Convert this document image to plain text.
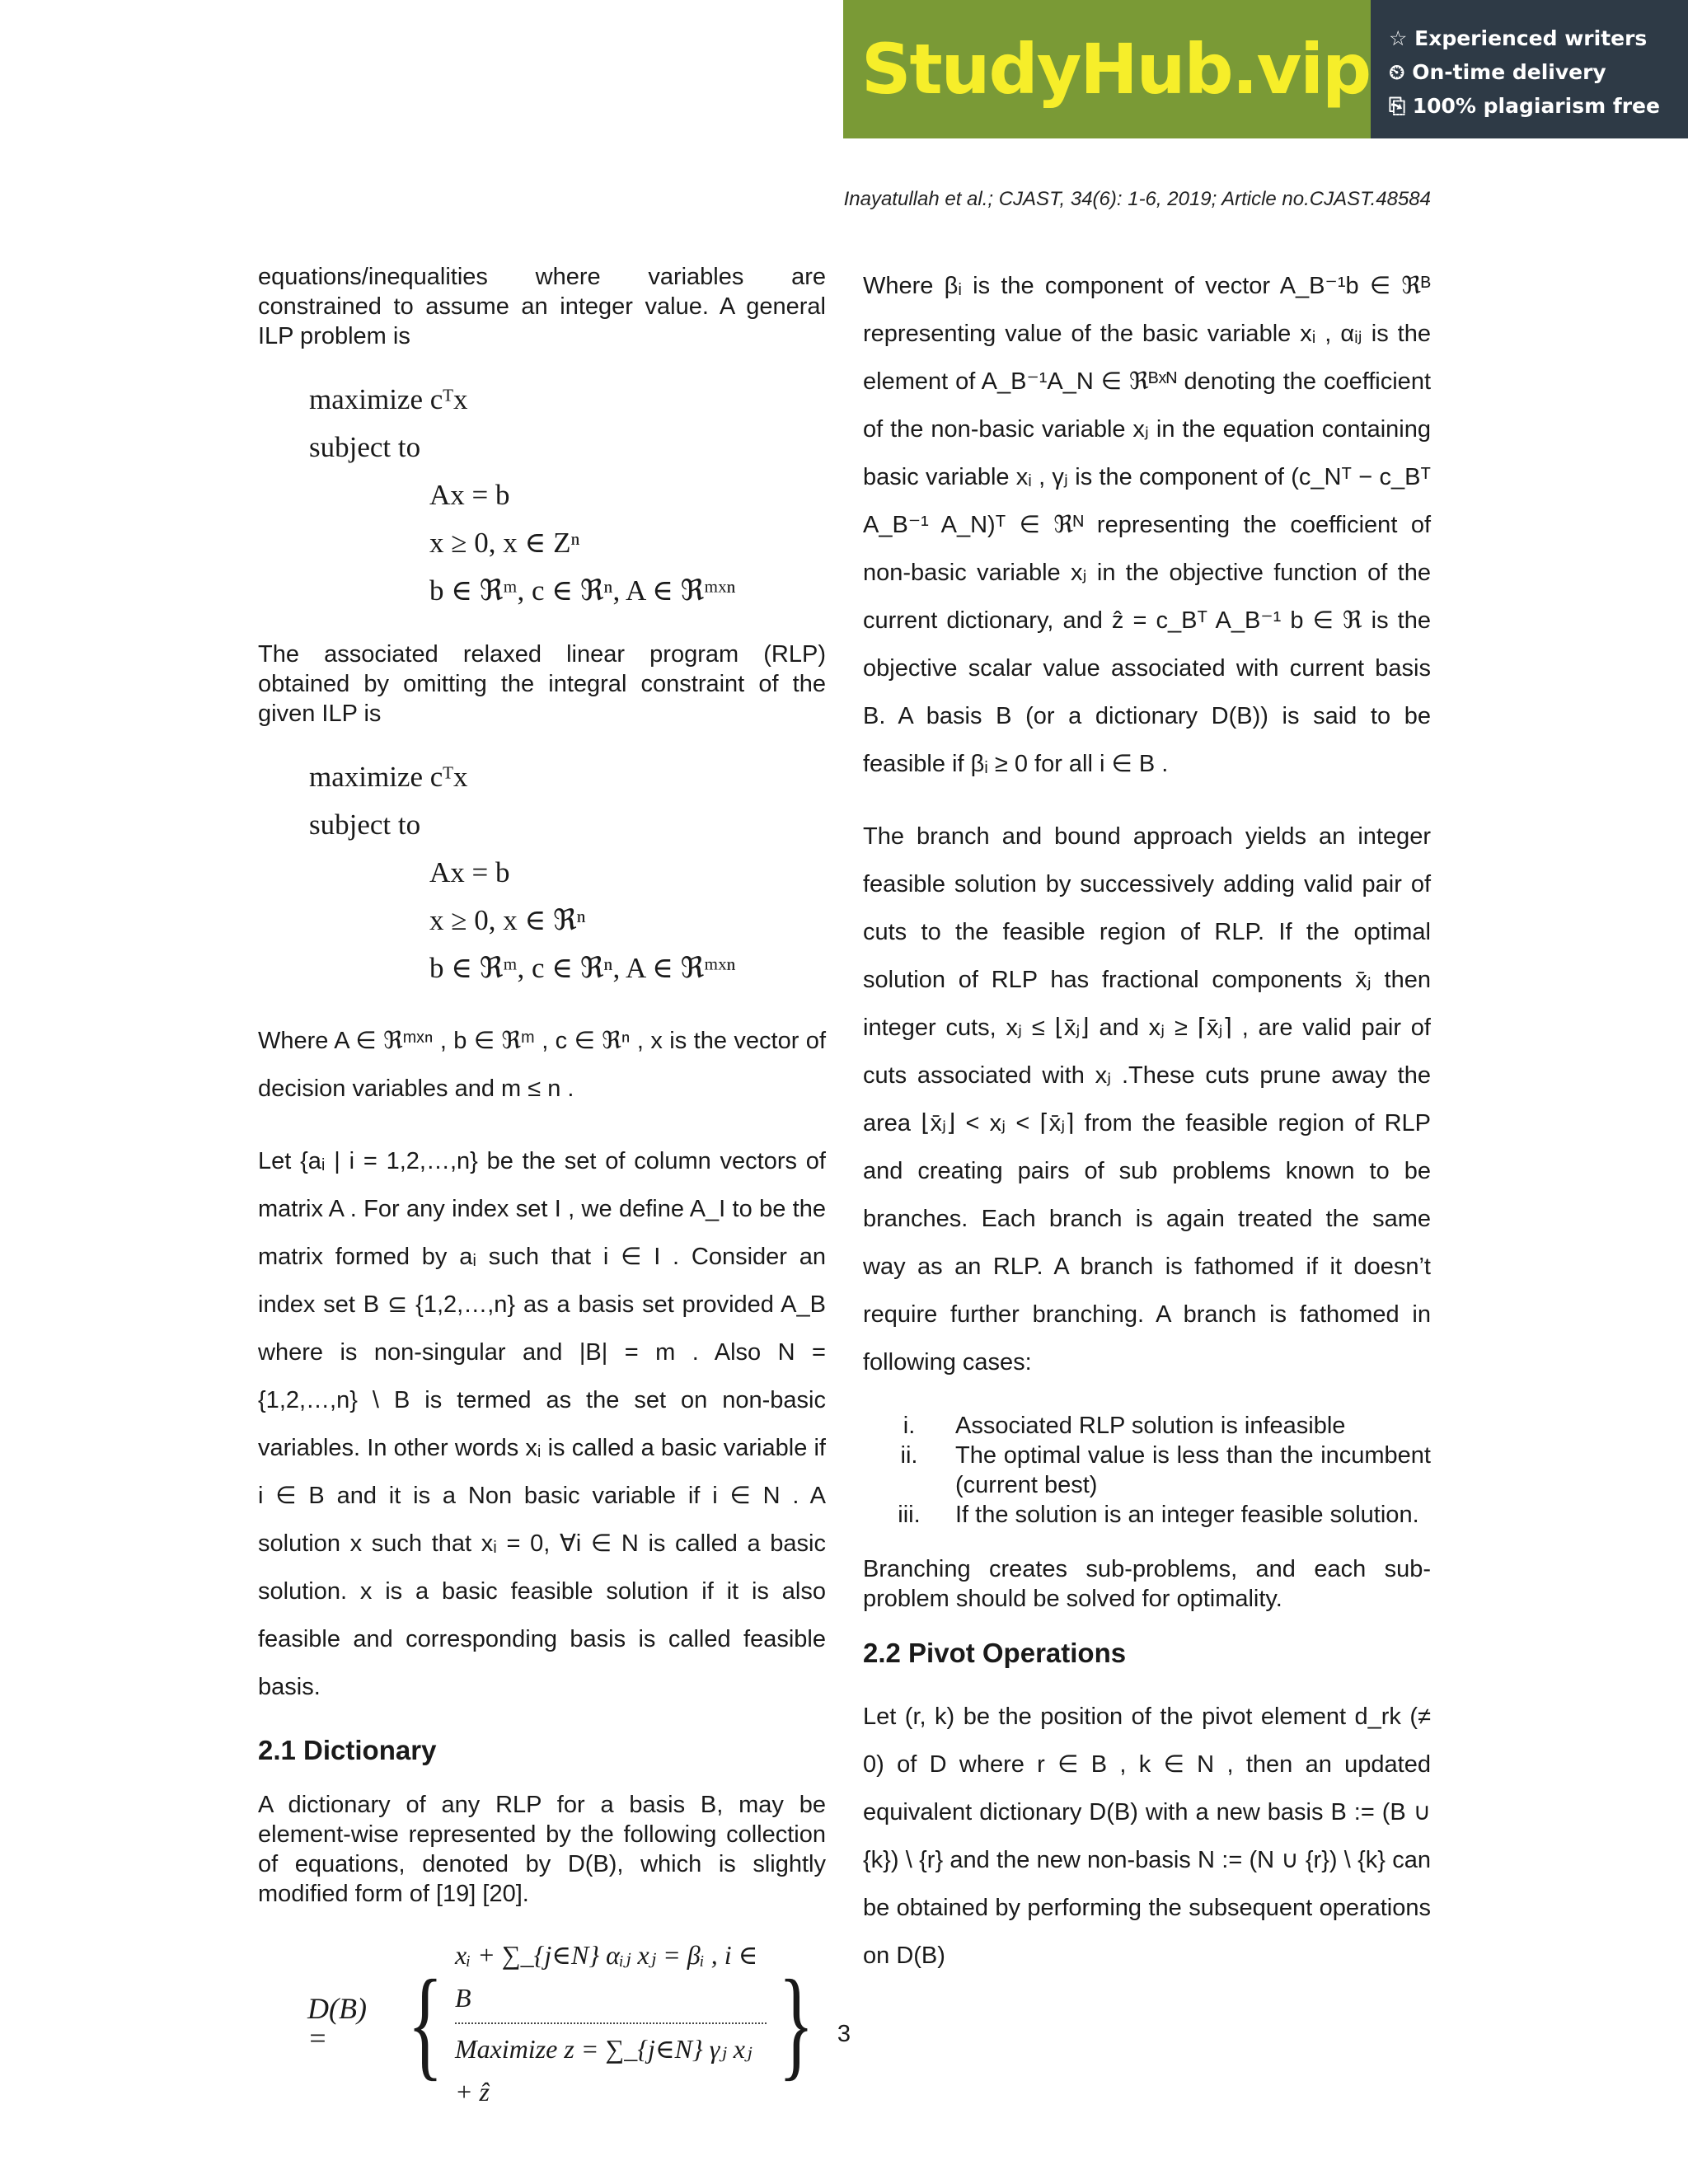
StudyHub.vip ☆ Experienced writers
⏲ On-time delivery
⎘ 100% plagiarism free
Inayatullah et al.; CJAST, 34(6): 1-6, 2019; Article no.CJAST.48584

equations/inequalities where variables are constrained to assume an integer value. A general ILP problem is

maximize cᵀx
subject to
Ax = b
x ≥ 0, x ∈ Zⁿ
b ∈ ℜᵐ, c ∈ ℜⁿ, A ∈ ℜᵐˣⁿ

The associated relaxed linear program (RLP) obtained by omitting the integral constraint of the given ILP is

maximize cᵀx
subject to
Ax = b
x ≥ 0, x ∈ ℜⁿ
b ∈ ℜᵐ, c ∈ ℜⁿ, A ∈ ℜᵐˣⁿ

Where A ∈ ℜᵐˣⁿ , b ∈ ℜᵐ , c ∈ ℜⁿ , x is the vector of decision variables and m ≤ n .

Let {aᵢ | i = 1,2,…,n} be the set of column vectors of matrix A . For any index set I , we define A_I to be the matrix formed by aᵢ such that i ∈ I . Consider an index set B ⊆ {1,2,…,n} as a basis set provided A_B where is non-singular and |B| = m . Also N = {1,2,…,n} \ B is termed as the set on non-basic variables. In other words xᵢ is called a basic variable if i ∈ B and it is a Non basic variable if i ∈ N . A solution x such that xᵢ = 0, ∀i ∈ N is called a basic solution. x is a basic feasible solution if it is also feasible and corresponding basis is called feasible basis.

2.1 Dictionary

A dictionary of any RLP for a basis B, may be element-wise represented by the following collection of equations, denoted by D(B), which is slightly modified form of [19] [20].

D(B) = { xᵢ + ∑_{j∈N} αᵢⱼ xⱼ = βᵢ , i ∈ B
Maximize z = ∑_{j∈N} γⱼ xⱼ + ẑ	}

Where βᵢ is the component of vector A_B⁻¹b ∈ ℜᴮ representing value of the basic variable xᵢ , αᵢⱼ is the element of A_B⁻¹A_N ∈ ℜᴮˣᴺ denoting the coefficient of the non-basic variable xⱼ in the equation containing basic variable xᵢ , γⱼ is the component of (c_Nᵀ − c_Bᵀ A_B⁻¹ A_N)ᵀ ∈ ℜᴺ representing the coefficient of non-basic variable xⱼ in the objective function of the current dictionary, and ẑ = c_Bᵀ A_B⁻¹ b ∈ ℜ is the objective scalar value associated with current basis B. A basis B (or a dictionary D(B)) is said to be feasible if βᵢ ≥ 0 for all i ∈ B .

The branch and bound approach yields an integer feasible solution by successively adding valid pair of cuts to the feasible region of RLP. If the optimal solution of RLP has fractional components x̄ⱼ then integer cuts, xⱼ ≤ ⌊x̄ⱼ⌋ and xⱼ ≥ ⌈x̄ⱼ⌉ , are valid pair of cuts associated with xⱼ .These cuts prune away the area ⌊x̄ⱼ⌋ < xⱼ < ⌈x̄ⱼ⌉ from the feasible region of RLP and creating pairs of sub problems known to be branches. Each branch is again treated the same way as an RLP. A branch is fathomed if it doesn’t require further branching. A branch is fathomed in following cases:

i.	Associated RLP solution is infeasible
ii.	The optimal value is less than the incumbent (current best)
iii.	If the solution is an integer feasible solution.

Branching creates sub-problems, and each sub-problem should be solved for optimality.

2.2 Pivot Operations

Let (r, k) be the position of the pivot element d_rk (≠ 0) of D where r ∈ B , k ∈ N , then an updated equivalent dictionary D(B) with a new basis B := (B ∪ {k}) \ {r} and the new non-basis N := (N ∪ {r}) \ {k} can be obtained by performing the subsequent operations on D(B)

3
